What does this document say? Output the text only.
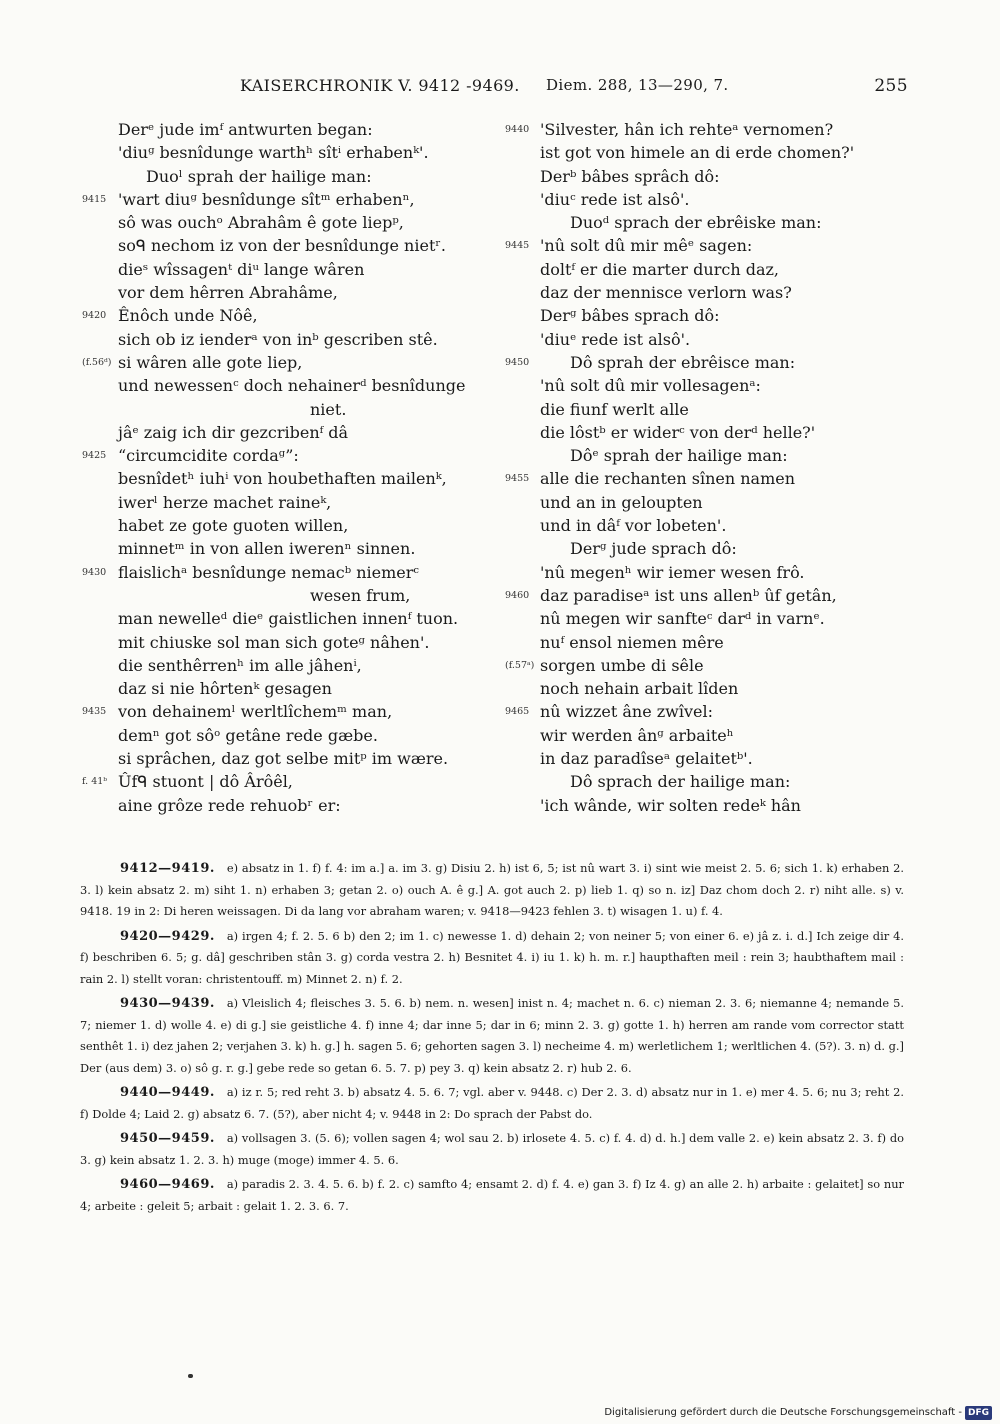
KAISERCHRONIK V. 9412 -9469. Diem. 288, 13—290, 7.	255
Derᵉ jude imᶠ antwurten began:
'diuᵍ besnîdunge warthʰ sîtⁱ erhabenᵏ'.
Duoˡ sprah der hailige man:
9415 'wart diuᵍ besnîdunge sîtᵐ erhabenⁿ,
sô was ouchᵒ Abrahâm ê gote liepᵖ,
soᑫ nechom iz von der besnîdunge nietʳ.
dieˢ wîssagenᵗ diᵘ lange wâren
vor dem hêrren Abrahâme,
9420 Ênôch unde Nôê,
sich ob iz ienderᵃ von inᵇ gescriben stê.
(f.56ᵈ) si wâren alle gote liep,
und newessenᶜ doch nehainerᵈ besnîdunge
niet.
jâᵉ zaig ich dir gezcribenᶠ dâ
9425 “circumcidite cordaᵍ”:
besnîdetʰ iuhⁱ von houbethaften mailenᵏ,
iwerˡ herze machet raineᵏ,
habet ze gote guoten willen,
minnetᵐ in von allen iwerenⁿ sinnen.
9430 flaislichᵃ besnîdunge nemacᵇ niemerᶜ
wesen frum,
man newelleᵈ dieᵉ gaistlichen innenᶠ tuon.
mit chiuske sol man sich goteᵍ nâhen'.
die senthêrrenʰ im alle jâhenⁱ,
daz si nie hôrtenᵏ gesagen
9435 von dehainemˡ werltlîchemᵐ man,
demⁿ got sôᵒ getâne rede gæbe.
si sprâchen, daz got selbe mitᵖ im wære.
f. 41ᵇ Ûfᑫ stuont | dô Ârôêl,
aine grôze rede rehuobʳ er:
9440 'Silvester, hân ich rehteᵃ vernomen?
ist got von himele an di erde chomen?'
Derᵇ bâbes sprâch dô:
'diuᶜ rede ist alsô'.
Duoᵈ sprach der ebrêiske man:
9445 'nû solt dû mir mêᵉ sagen:
doltᶠ er die marter durch daz,
daz der mennisce verlorn was?
Derᵍ bâbes sprach dô:
'diuᵉ rede ist alsô'.
9450	Dô sprah der ebrêisce man:
'nû solt dû mir vollesagenᵃ:
die fiunf werlt alle
die lôstᵇ er widerᶜ von derᵈ helle?'
Dôᵉ sprah der hailige man:
9455 alle die rechanten sînen namen
und an in geloupten
und in dâᶠ vor lobeten'.
Derᵍ jude sprach dô:
'nû megenʰ wir iemer wesen frô.
9460 daz paradiseᵃ ist uns allenᵇ ûf getân,
nû megen wir sanfteᶜ darᵈ in varnᵉ.
nuᶠ ensol niemen mêre
(f.57ᵃ) sorgen umbe di sêle
noch nehain arbait lîden
9465 nû wizzet âne zwîvel:
wir werden ânᵍ arbaiteʰ
in daz paradîseᵃ gelaitetᵇ'.
Dô sprach der hailige man:
'ich wânde, wir solten redeᵏ hân
9412—9419. e) absatz in 1. f) f. 4: im a.] a. im 3. g) Disiu 2. h) ist 6, 5; ist nû wart 3. i) sint wie meist 2. 5. 6; sich 1. k) erhaben 2. 3. l) kein absatz 2. m) siht 1. n) erhaben 3; getan 2. o) ouch A. ê g.] A. got auch 2. p) lieb 1. q) so n. iz] Daz chom doch 2. r) niht alle. s) v. 9418. 19 in 2: Di heren weissagen. Di da lang vor abraham waren; v. 9418—9423 fehlen 3. t) wisagen 1. u) f. 4.
9420—9429. a) irgen 4; f. 2. 5. 6 b) den 2; im 1. c) newesse 1. d) dehain 2; von neiner 5; von einer 6. e) jâ z. i. d.] Ich zeige dir 4. f) beschriben 6. 5; g. dâ] geschriben stân 3. g) corda vestra 2. h) Besnitet 4. i) iu 1. k) h. m. r.] haupthaften meil : rein 3; haubthaftem mail : rain 2. l) stellt voran: christentouff. m) Minnet 2. n) f. 2.
9430—9439. a) Vleislich 4; fleisches 3. 5. 6. b) nem. n. wesen] inist n. 4; machet n. 6. c) nieman 2. 3. 6; niemanne 4; nemande 5. 7; niemer 1. d) wolle 4. e) di g.] sie geistliche 4. f) inne 4; dar inne 5; dar in 6; minn 2. 3. g) gotte 1. h) herren am rande vom corrector statt senthêt 1. i) dez jahen 2; verjahen 3. k) h. g.] h. sagen 5. 6; gehorten sagen 3. l) necheime 4. m) werletlichem 1; werltlichen 4. (5?). 3. n) d. g.] Der (aus dem) 3. o) sô g. r. g.] gebe rede so getan 6. 5. 7. p) pey 3. q) kein absatz 2. r) hub 2. 6.
9440—9449. a) iz r. 5; red reht 3. b) absatz 4. 5. 6. 7; vgl. aber v. 9448. c) Der 2. 3. d) absatz nur in 1. e) mer 4. 5. 6; nu 3; reht 2. f) Dolde 4; Laid 2. g) absatz 6. 7. (5?), aber nicht 4; v. 9448 in 2: Do sprach der Pabst do.
9450—9459. a) vollsagen 3. (5. 6); vollen sagen 4; wol sau 2. b) irlosete 4. 5. c) f. 4. d) d. h.] dem valle 2. e) kein absatz 2. 3. f) do 3. g) kein absatz 1. 2. 3. h) muge (moge) immer 4. 5. 6.
9460—9469. a) paradis 2. 3. 4. 5. 6. b) f. 2. c) samfto 4; ensamt 2. d) f. 4. e) gan 3. f) Iz 4. g) an alle 2. h) arbaite : gelaitet] so nur 4; arbeite : geleit 5; arbait : gelait 1. 2. 3. 6. 7.
Digitalisierung gefördert durch die Deutsche Forschungsgemeinschaft - DFG
